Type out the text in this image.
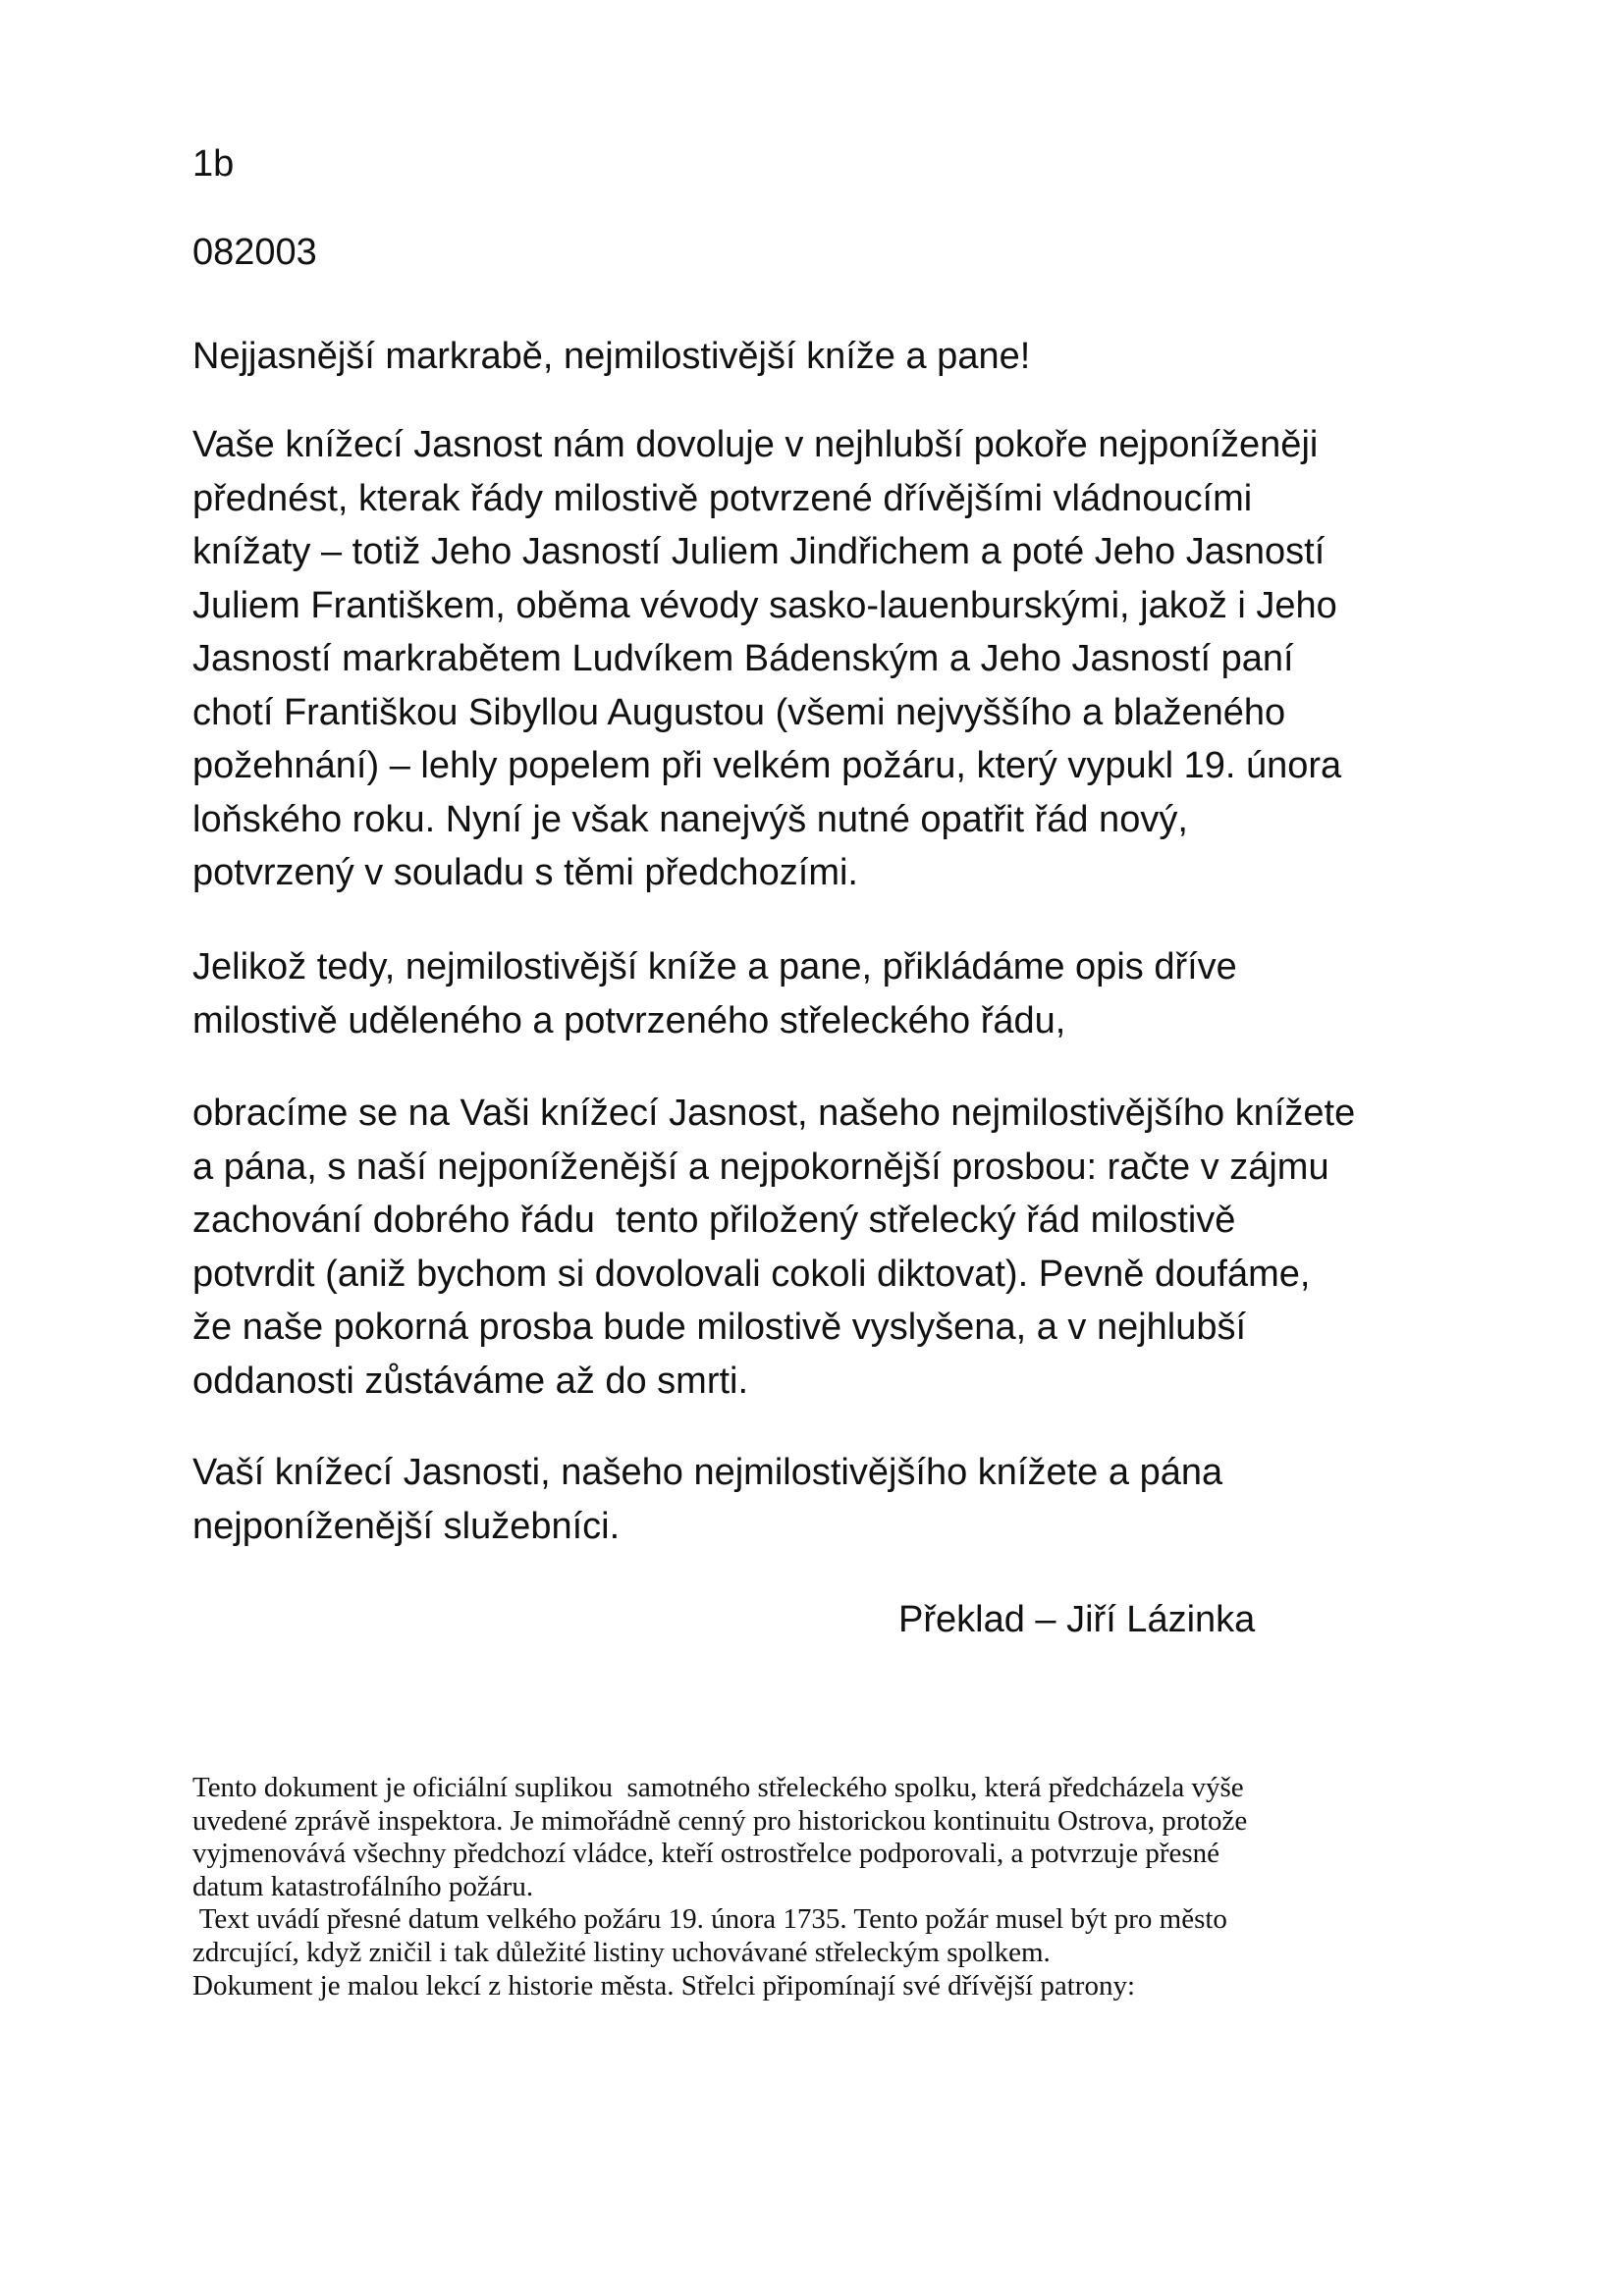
1b
082003
Nejjasnější markrabě, nejmilostivější kníže a pane!
Vaše knížecí Jasnost nám dovoluje v nejhlubší pokoře nejponíženěji
přednést, kterak řády milostivě potvrzené dřívějšími vládnoucími
knížaty – totiž Jeho Jasností Juliem Jindřichem a poté Jeho Jasností
Juliem Františkem, oběma vévody sasko-lauenburskými, jakož i Jeho
Jasností markrabětem Ludvíkem Bádenským a Jeho Jasností paní
chotí Františkou Sibyllou Augustou (všemi nejvyššího a blaženého
požehnání) – lehly popelem při velkém požáru, který vypukl 19. února
loňského roku. Nyní je však nanejvýš nutné opatřit řád nový,
potvrzený v souladu s těmi předchozími.
Jelikož tedy, nejmilostivější kníže a pane, přikládáme opis dříve
milostivě uděleného a potvrzeného střeleckého řádu,
obracíme se na Vaši knížecí Jasnost, našeho nejmilostivějšího knížete
a pána, s naší nejponíženější a nejpokornější prosbou: račte v zájmu
zachování dobrého řádu  tento přiložený střelecký řád milostivě
potvrdit (aniž bychom si dovolovali cokoli diktovat). Pevně doufáme,
že naše pokorná prosba bude milostivě vyslyšena, a v nejhlubší
oddanosti zůstáváme až do smrti.
Vaší knížecí Jasnosti, našeho nejmilostivějšího knížete a pána
nejponíženější služebníci.
Překlad – Jiří Lázinka
Tento dokument je oficiální suplikou  samotného střeleckého spolku, která předcházela výše
uvedené zprávě inspektora. Je mimořádně cenný pro historickou kontinuitu Ostrova, protože
vyjmenovává všechny předchozí vládce, kteří ostrostřelce podporovali, a potvrzuje přesné
datum katastrofálního požáru.
Text uvádí přesné datum velkého požáru 19. února 1735. Tento požár musel být pro město
zdrcující, když zničil i tak důležité listiny uchovávané střeleckým spolkem.
Dokument je malou lekcí z historie města. Střelci připomínají své dřívější patrony:
